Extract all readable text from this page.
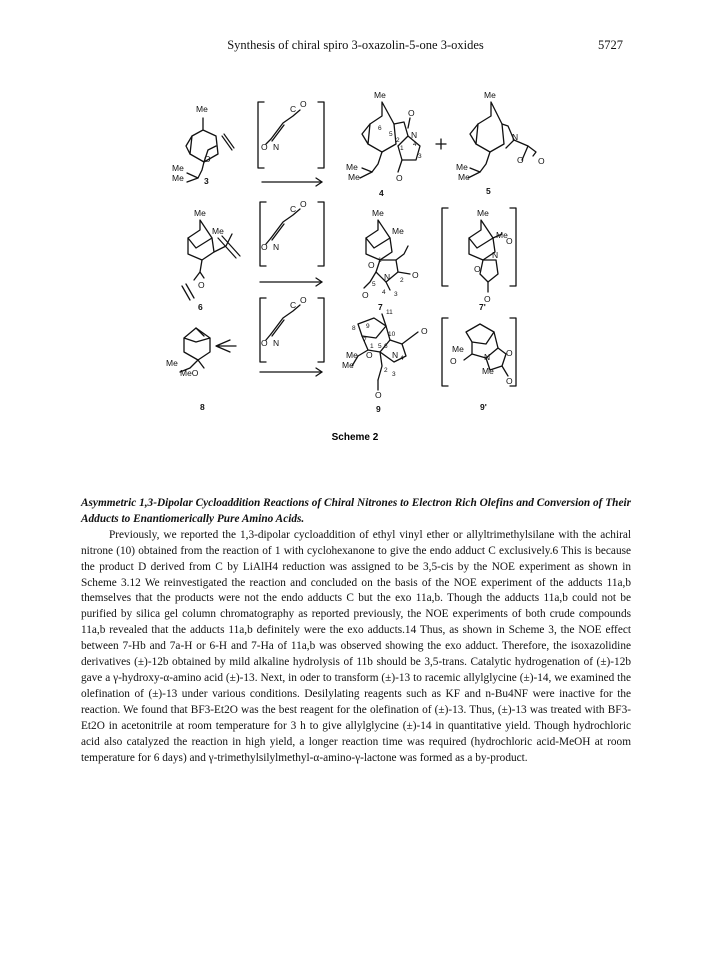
Synthesis of chiral spiro 3-oxazolin-5-one 3-oxides	5727
Me
O
Me
Me 3
C O
O N
Me
O
N
5
6
1
2
3
4
O
Me
Me
4
Me
N
O
O
Me
Me
5
Me
Me
O
6
C O
O N
Me
Me
O
N	O
O
1
2
3
4
5
7
Me
Me
O
N
O
O
7'
Me
MeO
8
C O
O N
11
8 9
7
10
1 5 6
N 4
2
3
O
O
Me
Me
O
9
Me
O	N O
Me
O
9'
Scheme 2

Asymmetric 1,3-Dipolar Cycloaddition Reactions of Chiral Nitrones to Electron Rich Olefins and Conversion of Their Adducts to Enantiomerically Pure Amino Acids.

Previously, we reported the 1,3-dipolar cycloaddition of ethyl vinyl ether or allyltrimethylsilane with the achiral nitrone (10) obtained from the reaction of 1 with cyclohexanone to give the endo adduct C exclusively.6 This is because the product D derived from C by LiAlH4 reduction was assigned to be 3,5-cis by the NOE experiment as shown in Scheme 3.12 We reinvestigated the reaction and concluded on the basis of the NOE experiment of the adducts 11a,b themselves that the products were not the endo adducts C but the exo 11a,b. Though the adducts 11a,b could not be purified by silica gel column chromatography as reported previously, the NOE experiments of both crude compounds 11a,b revealed that the adducts 11a,b definitely were the exo adducts.14 Thus, as shown in Scheme 3, the NOE effect between 7-Hb and 7a-H or 6-H and 7-Ha of 11a,b was observed showing the exo adduct. Therefore, the isoxazolidine derivatives (±)-12b obtained by mild alkaline hydrolysis of 11b should be 3,5-trans. Catalytic hydrogenation of (±)-12b gave a γ-hydroxy-α-amino acid (±)-13. Next, in oder to transform (±)-13 to racemic allylglycine (±)-14, we examined the olefination of (±)-13 under various conditions. Desilylating reagents such as KF and n-Bu4NF were inactive for the reaction. We found that BF3-Et2O was the best reagent for the olefination of (±)-13. Thus, (±)-13 was treated with BF3-Et2O in acetonitrile at room temperature for 3 h to give allylglycine (±)-14 in quantitative yield. Though hydrochloric acid also catalyzed the reaction in high yield, a longer reaction time was required (hydrochloric acid-MeOH at room temperature for 6 days) and γ-trimethylsilylmethyl-α-amino-γ-lactone was formed as a by-product.
